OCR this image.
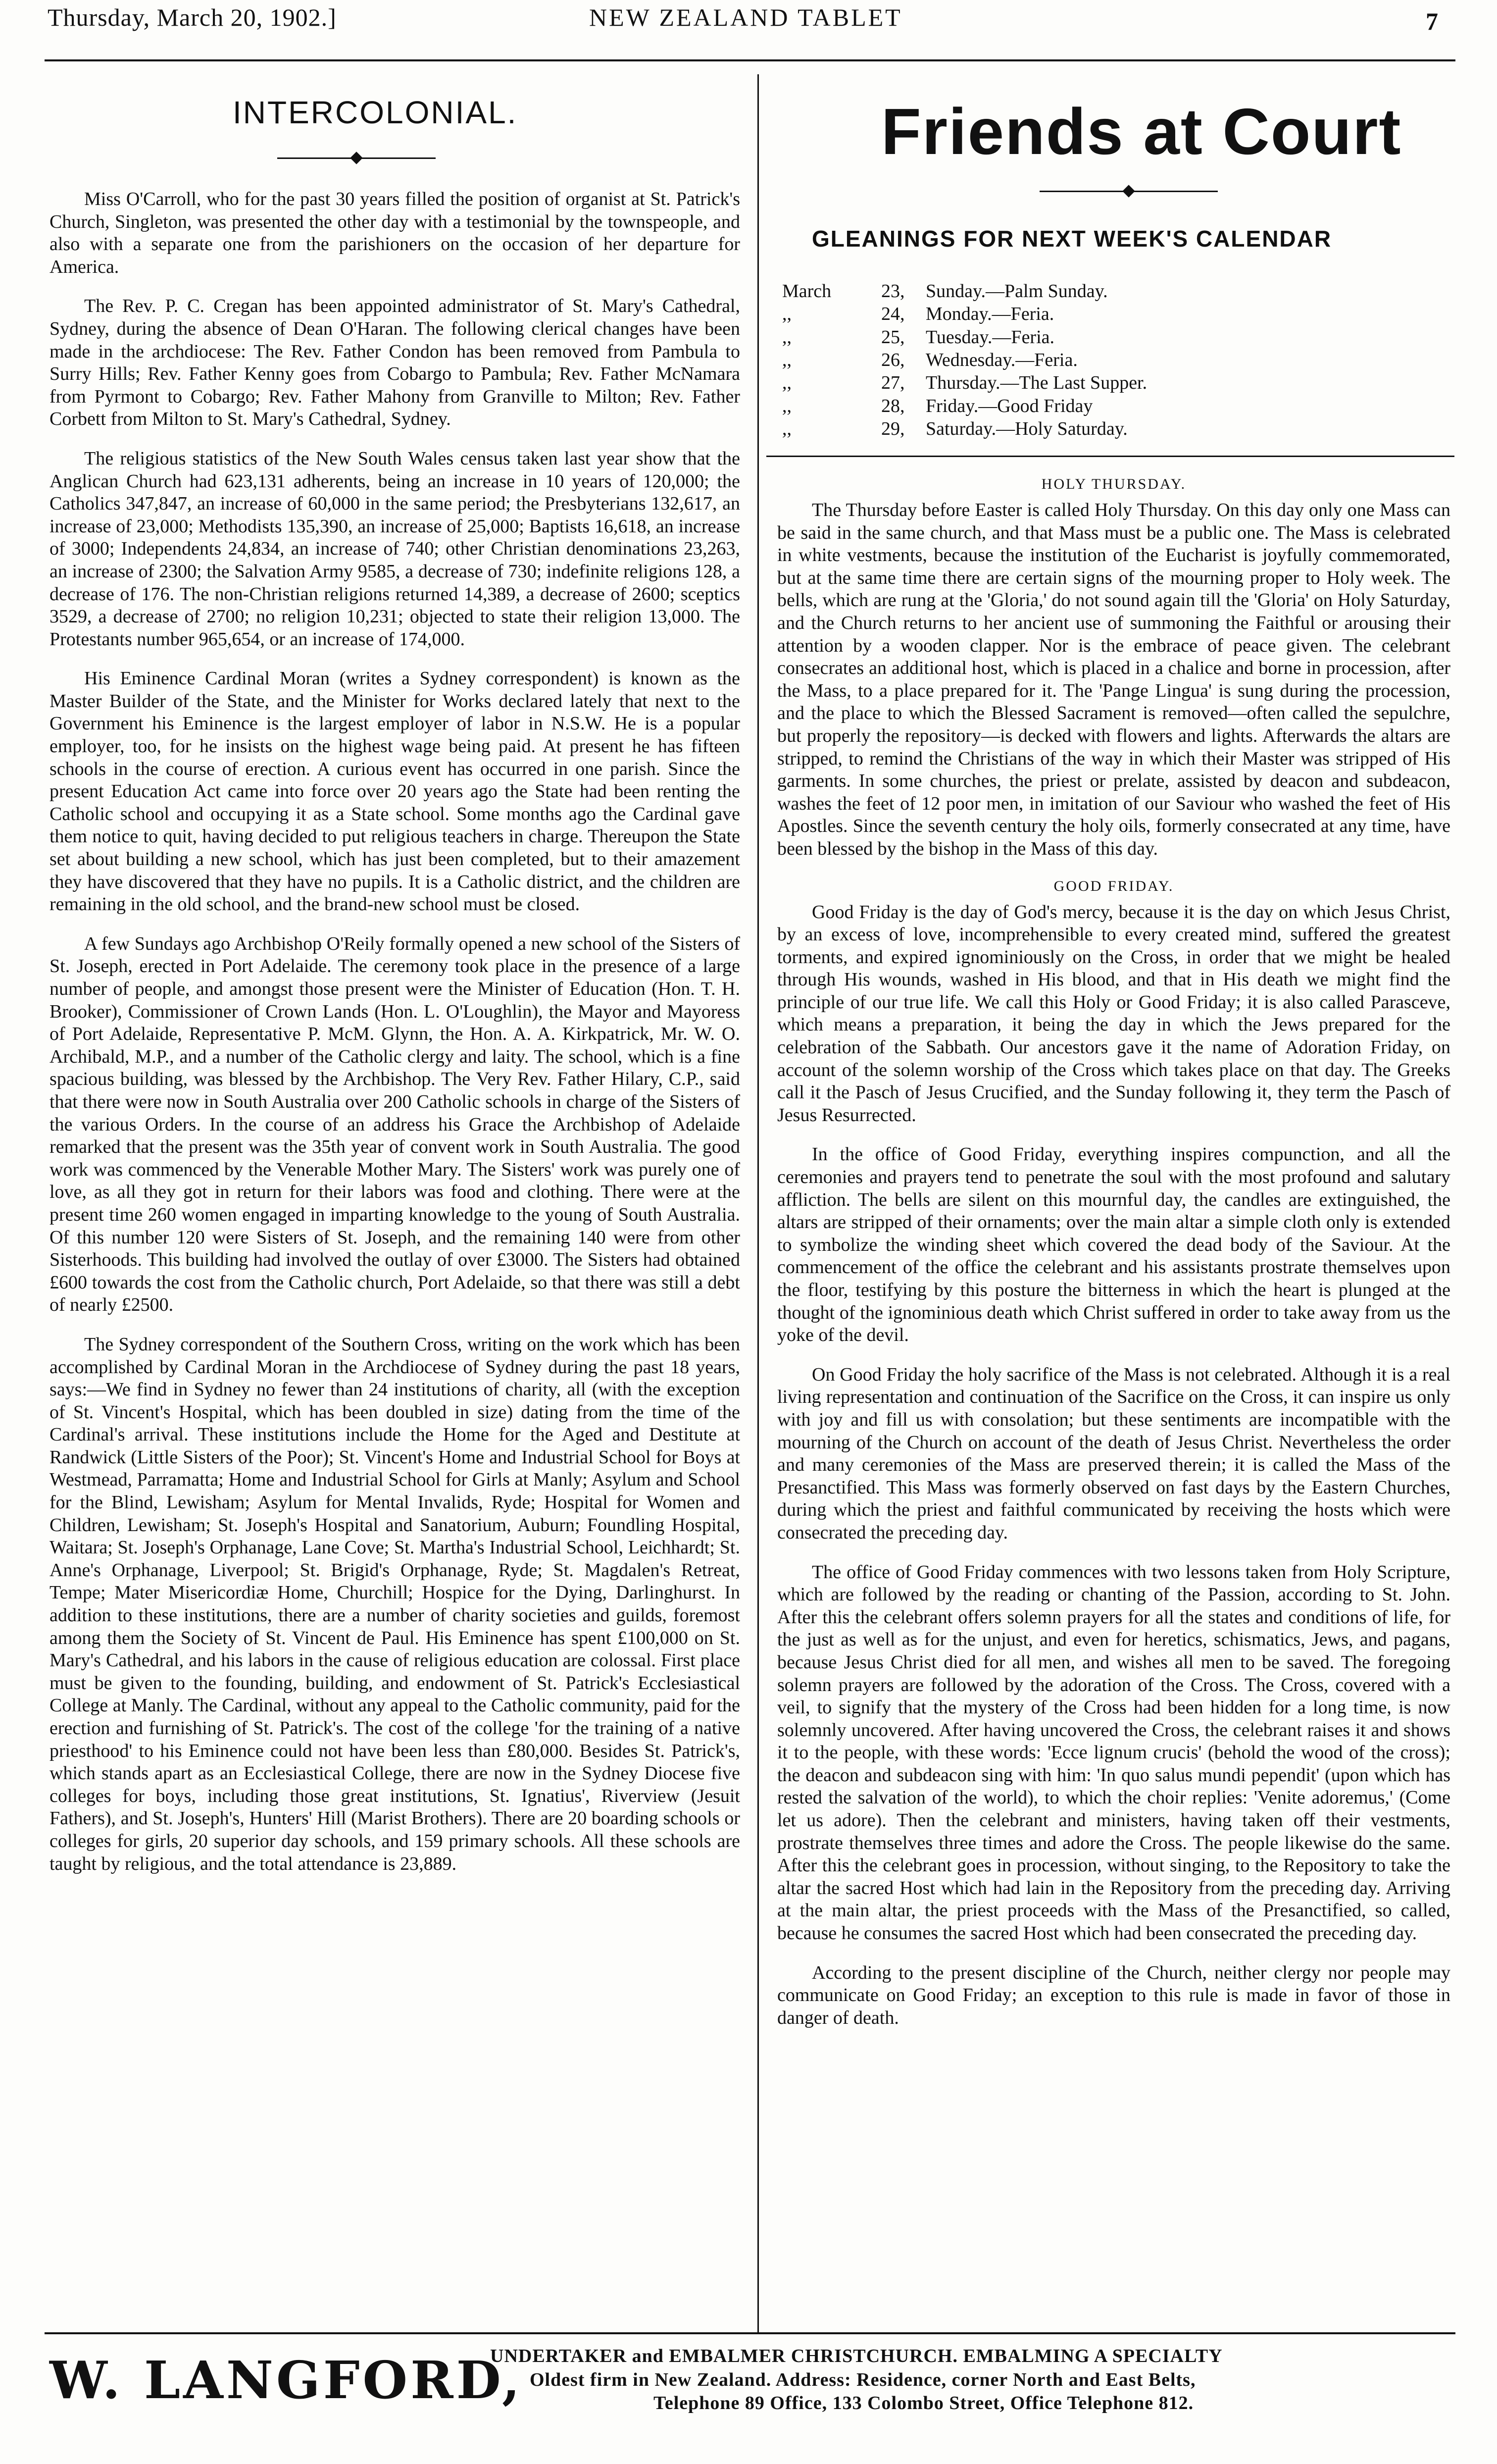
Thursday, March 20, 1902.]	NEW ZEALAND TABLET	7
INTERCOLONIAL.

Miss O'Carroll, who for the past 30 years filled the position of organist at St. Patrick's Church, Singleton, was presented the other day with a testimonial by the townspeople, and also with a separate one from the parishioners on the occasion of her departure for America.

The Rev. P. C. Cregan has been appointed administrator of St. Mary's Cathedral, Sydney, during the absence of Dean O'Haran. The following clerical changes have been made in the archdiocese: The Rev. Father Condon has been removed from Pambula to Surry Hills; Rev. Father Kenny goes from Cobargo to Pambula; Rev. Father McNamara from Pyrmont to Cobargo; Rev. Father Mahony from Granville to Milton; Rev. Father Corbett from Milton to St. Mary's Cathedral, Sydney.

The religious statistics of the New South Wales census taken last year show that the Anglican Church had 623,131 adherents, being an increase in 10 years of 120,000; the Catholics 347,847, an increase of 60,000 in the same period; the Presbyterians 132,617, an increase of 23,000; Methodists 135,390, an increase of 25,000; Baptists 16,618, an increase of 3000; Independents 24,834, an increase of 740; other Christian denominations 23,263, an increase of 2300; the Salvation Army 9585, a decrease of 730; indefinite religions 128, a decrease of 176. The non-Christian religions returned 14,389, a decrease of 2600; sceptics 3529, a decrease of 2700; no religion 10,231; objected to state their religion 13,000. The Protestants number 965,654, or an increase of 174,000.

His Eminence Cardinal Moran (writes a Sydney correspondent) is known as the Master Builder of the State, and the Minister for Works declared lately that next to the Government his Eminence is the largest employer of labor in N.S.W. He is a popular employer, too, for he insists on the highest wage being paid. At present he has fifteen schools in the course of erection. A curious event has occurred in one parish. Since the present Education Act came into force over 20 years ago the State had been renting the Catholic school and occupying it as a State school. Some months ago the Cardinal gave them notice to quit, having decided to put religious teachers in charge. Thereupon the State set about building a new school, which has just been completed, but to their amazement they have discovered that they have no pupils. It is a Catholic district, and the children are remaining in the old school, and the brand-new school must be closed.

A few Sundays ago Archbishop O'Reily formally opened a new school of the Sisters of St. Joseph, erected in Port Adelaide. The ceremony took place in the presence of a large number of people, and amongst those present were the Minister of Education (Hon. T. H. Brooker), Commissioner of Crown Lands (Hon. L. O'Loughlin), the Mayor and Mayoress of Port Adelaide, Representative P. McM. Glynn, the Hon. A. A. Kirkpatrick, Mr. W. O. Archibald, M.P., and a number of the Catholic clergy and laity. The school, which is a fine spacious building, was blessed by the Archbishop. The Very Rev. Father Hilary, C.P., said that there were now in South Australia over 200 Catholic schools in charge of the Sisters of the various Orders. In the course of an address his Grace the Archbishop of Adelaide remarked that the present was the 35th year of convent work in South Australia. The good work was commenced by the Venerable Mother Mary. The Sisters' work was purely one of love, as all they got in return for their labors was food and clothing. There were at the present time 260 women engaged in imparting knowledge to the young of South Australia. Of this number 120 were Sisters of St. Joseph, and the remaining 140 were from other Sisterhoods. This building had involved the outlay of over £3000. The Sisters had obtained £600 towards the cost from the Catholic church, Port Adelaide, so that there was still a debt of nearly £2500.

The Sydney correspondent of the Southern Cross, writing on the work which has been accomplished by Cardinal Moran in the Archdiocese of Sydney during the past 18 years, says:—We find in Sydney no fewer than 24 institutions of charity, all (with the exception of St. Vincent's Hospital, which has been doubled in size) dating from the time of the Cardinal's arrival. These institutions include the Home for the Aged and Destitute at Randwick (Little Sisters of the Poor); St. Vincent's Home and Industrial School for Boys at Westmead, Parramatta; Home and Industrial School for Girls at Manly; Asylum and School for the Blind, Lewisham; Asylum for Mental Invalids, Ryde; Hospital for Women and Children, Lewisham; St. Joseph's Hospital and Sanatorium, Auburn; Foundling Hospital, Waitara; St. Joseph's Orphanage, Lane Cove; St. Martha's Industrial School, Leichhardt; St. Anne's Orphanage, Liverpool; St. Brigid's Orphanage, Ryde; St. Magdalen's Retreat, Tempe; Mater Misericordiæ Home, Churchill; Hospice for the Dying, Darlinghurst. In addition to these institutions, there are a number of charity societies and guilds, foremost among them the Society of St. Vincent de Paul. His Eminence has spent £100,000 on St. Mary's Cathedral, and his labors in the cause of religious education are colossal. First place must be given to the founding, building, and endowment of St. Patrick's Ecclesiastical College at Manly. The Cardinal, without any appeal to the Catholic community, paid for the erection and furnishing of St. Patrick's. The cost of the college 'for the training of a native priesthood' to his Eminence could not have been less than £80,000. Besides St. Patrick's, which stands apart as an Ecclesiastical College, there are now in the Sydney Diocese five colleges for boys, including those great institutions, St. Ignatius', Riverview (Jesuit Fathers), and St. Joseph's, Hunters' Hill (Marist Brothers). There are 20 boarding schools or colleges for girls, 20 superior day schools, and 159 primary schools. All these schools are taught by religious, and the total attendance is 23,889.

Friends at Court
GLEANINGS FOR NEXT WEEK'S CALENDAR
March	23,	Sunday.—Palm Sunday.
,,	24,	Monday.—Feria.
,,	25,	Tuesday.—Feria.
,,	26,	Wednesday.—Feria.
,,	27,	Thursday.—The Last Supper.
,,	28,	Friday.—Good Friday
,,	29,	Saturday.—Holy Saturday.
HOLY THURSDAY.

The Thursday before Easter is called Holy Thursday. On this day only one Mass can be said in the same church, and that Mass must be a public one. The Mass is celebrated in white vestments, because the institution of the Eucharist is joyfully commemorated, but at the same time there are certain signs of the mourning proper to Holy week. The bells, which are rung at the 'Gloria,' do not sound again till the 'Gloria' on Holy Saturday, and the Church returns to her ancient use of summoning the Faithful or arousing their attention by a wooden clapper. Nor is the embrace of peace given. The celebrant consecrates an additional host, which is placed in a chalice and borne in procession, after the Mass, to a place prepared for it. The 'Pange Lingua' is sung during the procession, and the place to which the Blessed Sacrament is removed—often called the sepulchre, but properly the repository—is decked with flowers and lights. Afterwards the altars are stripped, to remind the Christians of the way in which their Master was stripped of His garments. In some churches, the priest or prelate, assisted by deacon and subdeacon, washes the feet of 12 poor men, in imitation of our Saviour who washed the feet of His Apostles. Since the seventh century the holy oils, formerly consecrated at any time, have been blessed by the bishop in the Mass of this day.

GOOD FRIDAY.

Good Friday is the day of God's mercy, because it is the day on which Jesus Christ, by an excess of love, incomprehensible to every created mind, suffered the greatest torments, and expired ignominiously on the Cross, in order that we might be healed through His wounds, washed in His blood, and that in His death we might find the principle of our true life. We call this Holy or Good Friday; it is also called Parasceve, which means a preparation, it being the day in which the Jews prepared for the celebration of the Sabbath. Our ancestors gave it the name of Adoration Friday, on account of the solemn worship of the Cross which takes place on that day. The Greeks call it the Pasch of Jesus Crucified, and the Sunday following it, they term the Pasch of Jesus Resurrected.

In the office of Good Friday, everything inspires compunction, and all the ceremonies and prayers tend to penetrate the soul with the most profound and salutary affliction. The bells are silent on this mournful day, the candles are extinguished, the altars are stripped of their ornaments; over the main altar a simple cloth only is extended to symbolize the winding sheet which covered the dead body of the Saviour. At the commencement of the office the celebrant and his assistants prostrate themselves upon the floor, testifying by this posture the bitterness in which the heart is plunged at the thought of the ignominious death which Christ suffered in order to take away from us the yoke of the devil.

On Good Friday the holy sacrifice of the Mass is not celebrated. Although it is a real living representation and continuation of the Sacrifice on the Cross, it can inspire us only with joy and fill us with consolation; but these sentiments are incompatible with the mourning of the Church on account of the death of Jesus Christ. Nevertheless the order and many ceremonies of the Mass are preserved therein; it is called the Mass of the Presanctified. This Mass was formerly observed on fast days by the Eastern Churches, during which the priest and faithful communicated by receiving the hosts which were consecrated the preceding day.

The office of Good Friday commences with two lessons taken from Holy Scripture, which are followed by the reading or chanting of the Passion, according to St. John. After this the celebrant offers solemn prayers for all the states and conditions of life, for the just as well as for the unjust, and even for heretics, schismatics, Jews, and pagans, because Jesus Christ died for all men, and wishes all men to be saved. The foregoing solemn prayers are followed by the adoration of the Cross. The Cross, covered with a veil, to signify that the mystery of the Cross had been hidden for a long time, is now solemnly uncovered. After having uncovered the Cross, the celebrant raises it and shows it to the people, with these words: 'Ecce lignum crucis' (behold the wood of the cross); the deacon and subdeacon sing with him: 'In quo salus mundi pependit' (upon which has rested the salvation of the world), to which the choir replies: 'Venite adoremus,' (Come let us adore). Then the celebrant and ministers, having taken off their vestments, prostrate themselves three times and adore the Cross. The people likewise do the same. After this the celebrant goes in procession, without singing, to the Repository to take the altar the sacred Host which had lain in the Repository from the preceding day. Arriving at the main altar, the priest proceeds with the Mass of the Presanctified, so called, because he consumes the sacred Host which had been consecrated the preceding day.

According to the present discipline of the Church, neither clergy nor people may communicate on Good Friday; an exception to this rule is made in favor of those in danger of death.

W. LANGFORD,
UNDERTAKER and EMBALMER CHRISTCHURCH. EMBALMING A SPECIALTY
Oldest firm in New Zealand. Address: Residence, corner North and East Belts,
Telephone 89 Office, 133 Colombo Street, Office Telephone 812.
